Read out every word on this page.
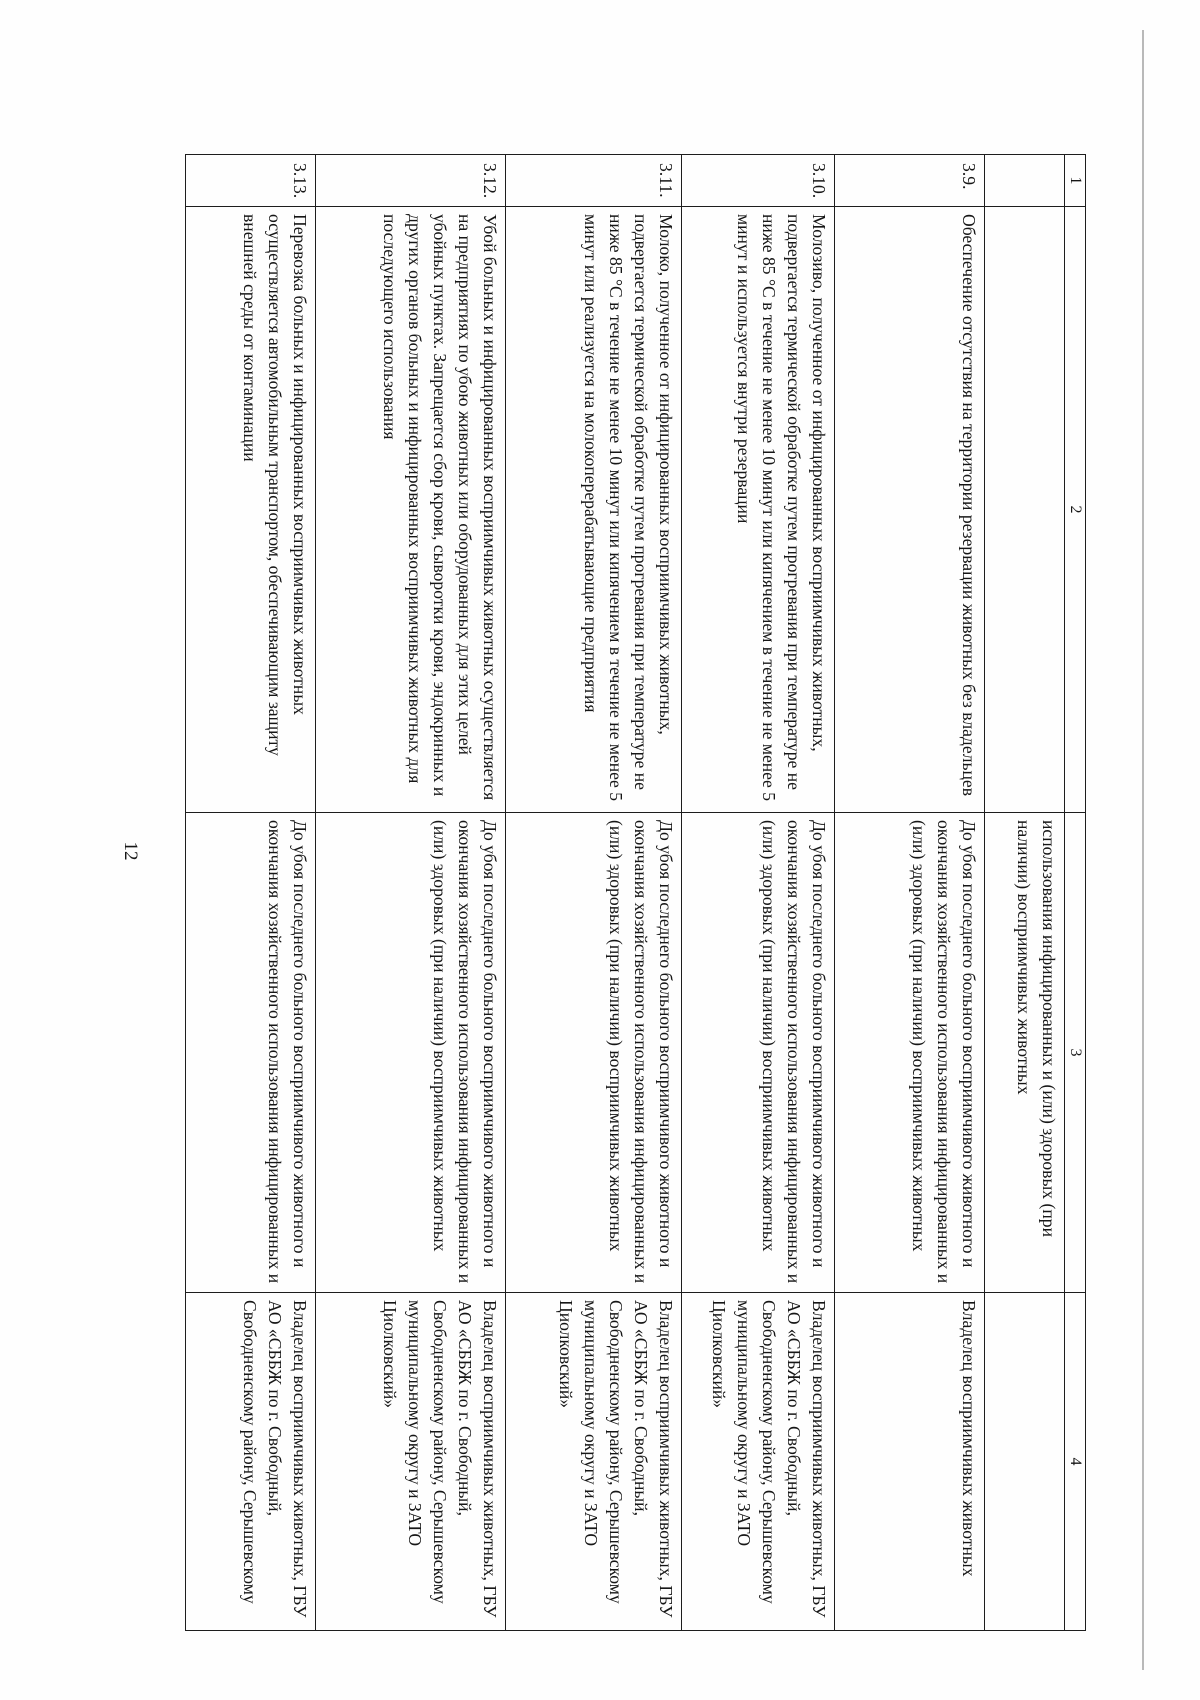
12
1	2	3	4
		использования инфицированных и (или) здоровых (при наличии) восприимчивых животных	
3.9.	Обеспечение отсутствия на территории резервации животных без владельцев	До убоя последнего больного восприимчивого животного и окончания хозяйственного использования инфицированных и (или) здоровых (при наличии) восприимчивых животных	Владелец восприимчивых животных
3.10.	Молозиво, полученное от инфицированных восприимчивых животных, подвергается термической обработке путем прогревания при температуре не ниже 85 °С в течение не менее 10 минут или кипячением в течение не менее 5 минут и используется внутри резервации	До убоя последнего больного восприимчивого животного и окончания хозяйственного использования инфицированных и (или) здоровых (при наличии) восприимчивых животных	Владелец восприимчивых животных, ГБУ АО «СББЖ по г. Свободный, Свободненскому району, Серышевскому муниципальному округу и ЗАТО Циолковский»
3.11.	Молоко, полученное от инфицированных восприимчивых животных, подвергается термической обработке путем прогревания при температуре не ниже 85 °С в течение не менее 10 минут или кипячением в течение не менее 5 минут или реализуется на молокоперерабатывающие предприятия	До убоя последнего больного восприимчивого животного и окончания хозяйственного использования инфицированных и (или) здоровых (при наличии) восприимчивых животных	Владелец восприимчивых животных, ГБУ АО «СББЖ по г. Свободный, Свободненскому району, Серышевскому муниципальному округу и ЗАТО Циолковский»
3.12.	Убой больных и инфицированных восприимчивых животных осуществляется на предприятиях по убою животных или оборудованных для этих целей убойных пунктах. Запрещается сбор крови, сыворотки крови, эндокринных и других органов больных и инфицированных восприимчивых животных для последующего использования	До убоя последнего больного восприимчивого животного и окончания хозяйственного использования инфицированных и (или) здоровых (при наличии) восприимчивых животных	Владелец восприимчивых животных, ГБУ АО «СББЖ по г. Свободный, Свободненскому району, Серышевскому муниципальному округу и ЗАТО Циолковский»
3.13.	Перевозка больных и инфицированных восприимчивых животных осуществляется автомобильным транспортом, обеспечивающим защиту внешней среды от контаминации	До убоя последнего больного восприимчивого животного и окончания хозяйственного использования инфицированных и	Владелец восприимчивых животных, ГБУ АО «СББЖ по г. Свободный, Свободненскому району, Серышевскому
